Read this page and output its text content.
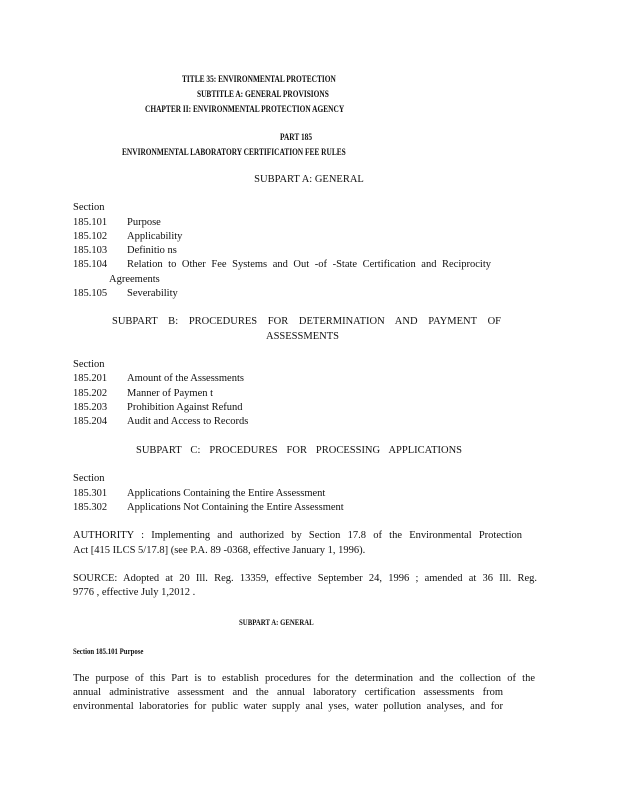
TITLE 35: ENVIRONMENTAL PROTECTION
SUBTITLE A: GENERAL PROVISIONS
CHAPTER II: ENVIRONMENTAL PROTECTION AGENCY
PART 185
ENVIRONMENTAL LABORATORY CERTIFICATION FEE RULES
SUBPART A: GENERAL
Section
185.101 Purpose
185.102 Applicability
185.103 Definitio ns
185.104 Relation to Other Fee Systems and Out -of -State Certification and Reciprocity
Agreements
185.105 Severability
SUBPART B: PROCEDURES FOR DETERMINATION AND PAYMENT OF
ASSESSMENTS
Section
185.201 Amount of the Assessments
185.202 Manner of Paymen t
185.203 Prohibition Against Refund
185.204 Audit and Access to Records
SUBPART C: PROCEDURES FOR PROCESSING APPLICATIONS
Section
185.301 Applications Containing the Entire Assessment
185.302 Applications Not Containing the Entire Assessment
AUTHORITY : Implementing and authorized by Section 17.8 of the Environmental Protection
Act [415 ILCS 5/17.8] (see P.A. 89 -0368, effective January 1, 1996).
SOURCE: Adopted at 20 Ill. Reg. 13359, effective September 24, 1996 ; amended at 36 Ill. Reg.
9776 , effective July 1,2012 .
SUBPART A: GENERAL
Section 185.101 Purpose
The purpose of this Part is to establish procedures for the determination and the collection of the
annual administrative assessment and the annual laboratory certification assessments from
environmental laboratories for public water supply anal yses, water pollution analyses, and for
